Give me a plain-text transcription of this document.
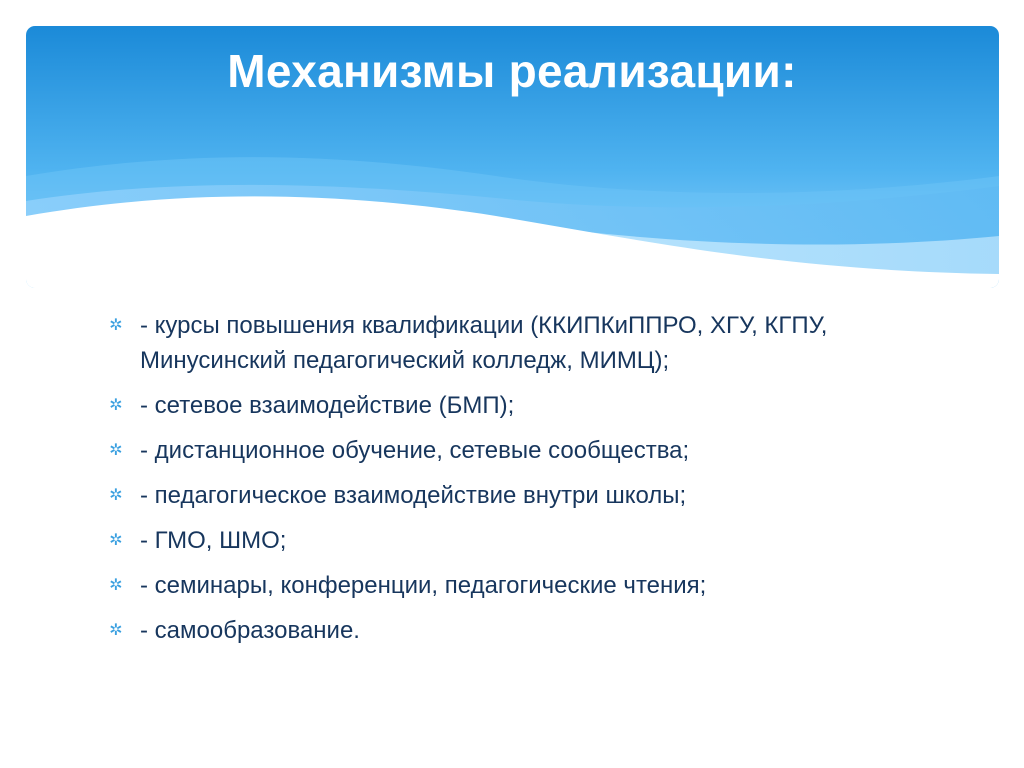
Механизмы реализации:
✲ - курсы повышения квалификации (ККИПКиППРО, ХГУ, КГПУ, Минусинский педагогический колледж, МИМЦ);
✲ - сетевое взаимодействие (БМП);
✲ - дистанционное обучение, сетевые сообщества;
✲ - педагогическое взаимодействие внутри школы;
✲ - ГМО, ШМО;
✲ - семинары, конференции, педагогические чтения;
✲ - самообразование.
